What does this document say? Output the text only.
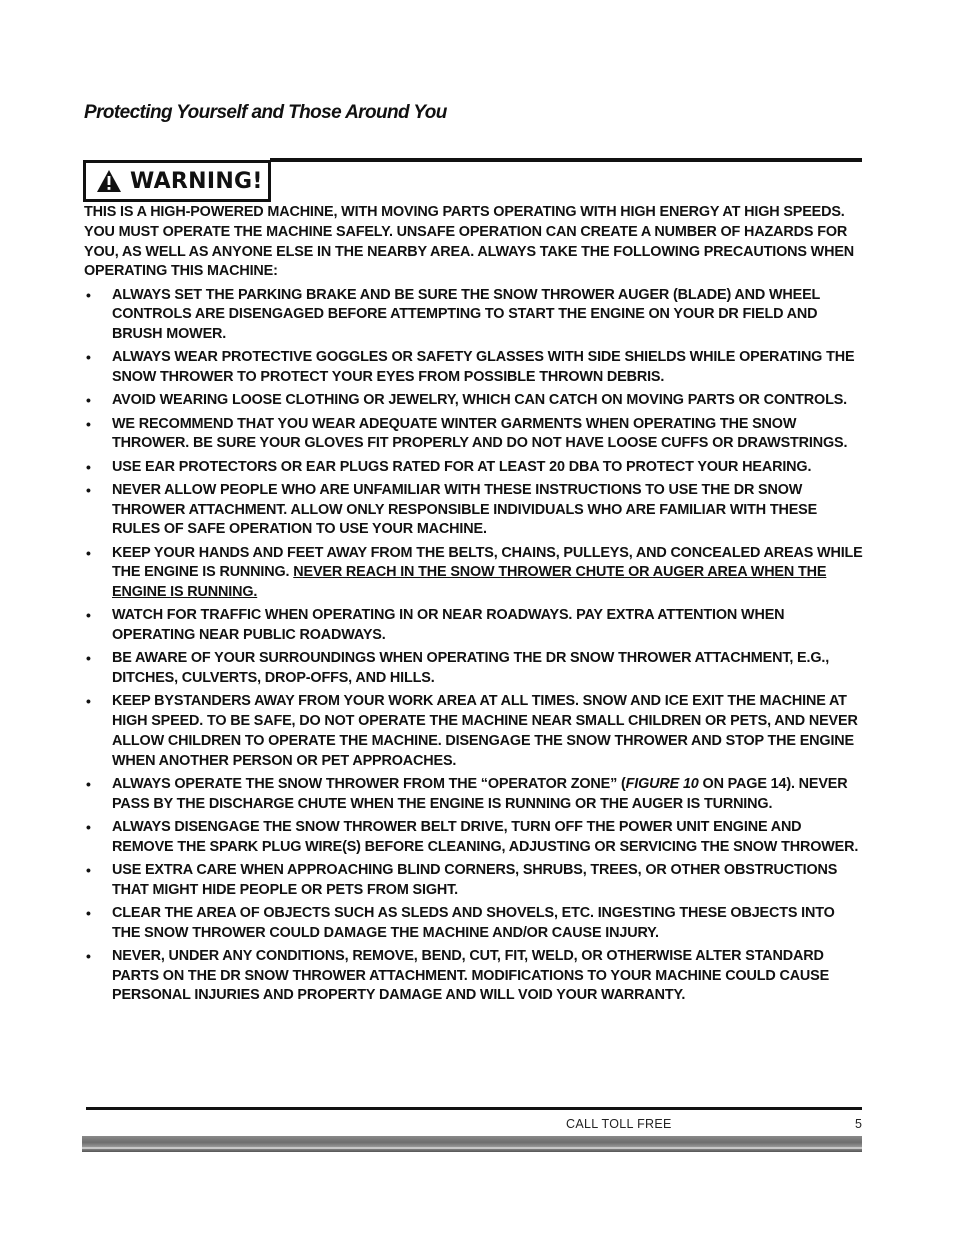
Protecting Yourself and Those Around You
WARNING!

THIS IS A HIGH-POWERED MACHINE, WITH MOVING PARTS OPERATING WITH HIGH ENERGY AT HIGH SPEEDS. YOU MUST OPERATE THE MACHINE SAFELY. UNSAFE OPERATION CAN CREATE A NUMBER OF HAZARDS FOR YOU, AS WELL AS ANYONE ELSE IN THE NEARBY AREA. ALWAYS TAKE THE FOLLOWING PRECAUTIONS WHEN OPERATING THIS MACHINE:

• ALWAYS SET THE PARKING BRAKE AND BE SURE THE SNOW THROWER AUGER (BLADE) AND WHEEL CONTROLS ARE DISENGAGED BEFORE ATTEMPTING TO START THE ENGINE ON YOUR DR FIELD AND BRUSH MOWER.
• ALWAYS WEAR PROTECTIVE GOGGLES OR SAFETY GLASSES WITH SIDE SHIELDS WHILE OPERATING THE SNOW THROWER TO PROTECT YOUR EYES FROM POSSIBLE THROWN DEBRIS.
• AVOID WEARING LOOSE CLOTHING OR JEWELRY, WHICH CAN CATCH ON MOVING PARTS OR CONTROLS.
• WE RECOMMEND THAT YOU WEAR ADEQUATE WINTER GARMENTS WHEN OPERATING THE SNOW THROWER. BE SURE YOUR GLOVES FIT PROPERLY AND DO NOT HAVE LOOSE CUFFS OR DRAWSTRINGS.
• USE EAR PROTECTORS OR EAR PLUGS RATED FOR AT LEAST 20 DBA TO PROTECT YOUR HEARING.
• NEVER ALLOW PEOPLE WHO ARE UNFAMILIAR WITH THESE INSTRUCTIONS TO USE THE DR SNOW THROWER ATTACHMENT. ALLOW ONLY RESPONSIBLE INDIVIDUALS WHO ARE FAMILIAR WITH THESE RULES OF SAFE OPERATION TO USE YOUR MACHINE.
• KEEP YOUR HANDS AND FEET AWAY FROM THE BELTS, CHAINS, PULLEYS, AND CONCEALED AREAS WHILE THE ENGINE IS RUNNING. NEVER REACH IN THE SNOW THROWER CHUTE OR AUGER AREA WHEN THE ENGINE IS RUNNING.
• WATCH FOR TRAFFIC WHEN OPERATING IN OR NEAR ROADWAYS. PAY EXTRA ATTENTION WHEN OPERATING NEAR PUBLIC ROADWAYS.
• BE AWARE OF YOUR SURROUNDINGS WHEN OPERATING THE DR SNOW THROWER ATTACHMENT, E.G., DITCHES, CULVERTS, DROP-OFFS, AND HILLS.
• KEEP BYSTANDERS AWAY FROM YOUR WORK AREA AT ALL TIMES. SNOW AND ICE EXIT THE MACHINE AT HIGH SPEED. TO BE SAFE, DO NOT OPERATE THE MACHINE NEAR SMALL CHILDREN OR PETS, AND NEVER ALLOW CHILDREN TO OPERATE THE MACHINE. DISENGAGE THE SNOW THROWER AND STOP THE ENGINE WHEN ANOTHER PERSON OR PET APPROACHES.
• ALWAYS OPERATE THE SNOW THROWER FROM THE “OPERATOR ZONE” (FIGURE 10 ON PAGE 14). NEVER PASS BY THE DISCHARGE CHUTE WHEN THE ENGINE IS RUNNING OR THE AUGER IS TURNING.
• ALWAYS DISENGAGE THE SNOW THROWER BELT DRIVE, TURN OFF THE POWER UNIT ENGINE AND REMOVE THE SPARK PLUG WIRE(S) BEFORE CLEANING, ADJUSTING OR SERVICING THE SNOW THROWER.
• USE EXTRA CARE WHEN APPROACHING BLIND CORNERS, SHRUBS, TREES, OR OTHER OBSTRUCTIONS THAT MIGHT HIDE PEOPLE OR PETS FROM SIGHT.
• CLEAR THE AREA OF OBJECTS SUCH AS SLEDS AND SHOVELS, ETC. INGESTING THESE OBJECTS INTO THE SNOW THROWER COULD DAMAGE THE MACHINE AND/OR CAUSE INJURY.
• NEVER, UNDER ANY CONDITIONS, REMOVE, BEND, CUT, FIT, WELD, OR OTHERWISE ALTER STANDARD PARTS ON THE DR SNOW THROWER ATTACHMENT. MODIFICATIONS TO YOUR MACHINE COULD CAUSE PERSONAL INJURIES AND PROPERTY DAMAGE AND WILL VOID YOUR WARRANTY.
CALL TOLL FREE	5
